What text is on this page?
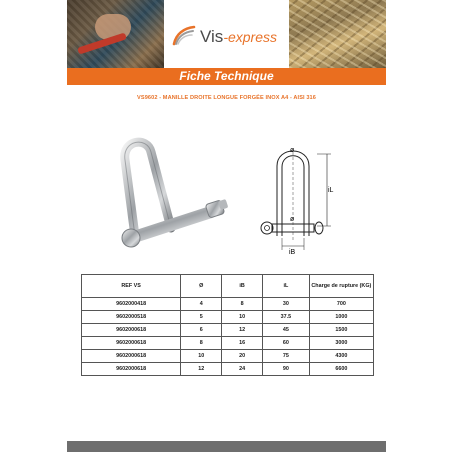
Vis-express
Fiche Technique
VS9602 - MANILLE DROITE LONGUE FORGÉE INOX A4 - AISI 316
ø
ø
iL
iB
REF VS	Ø	iB	iL	Charge de rupture (KG)
9602000418	4	8	30	700
9602000518	5	10	37.5	1000
9602000618	6	12	45	1500
9602000618	8	16	60	3000
9602000618	10	20	75	4300
9602000618	12	24	90	6600
